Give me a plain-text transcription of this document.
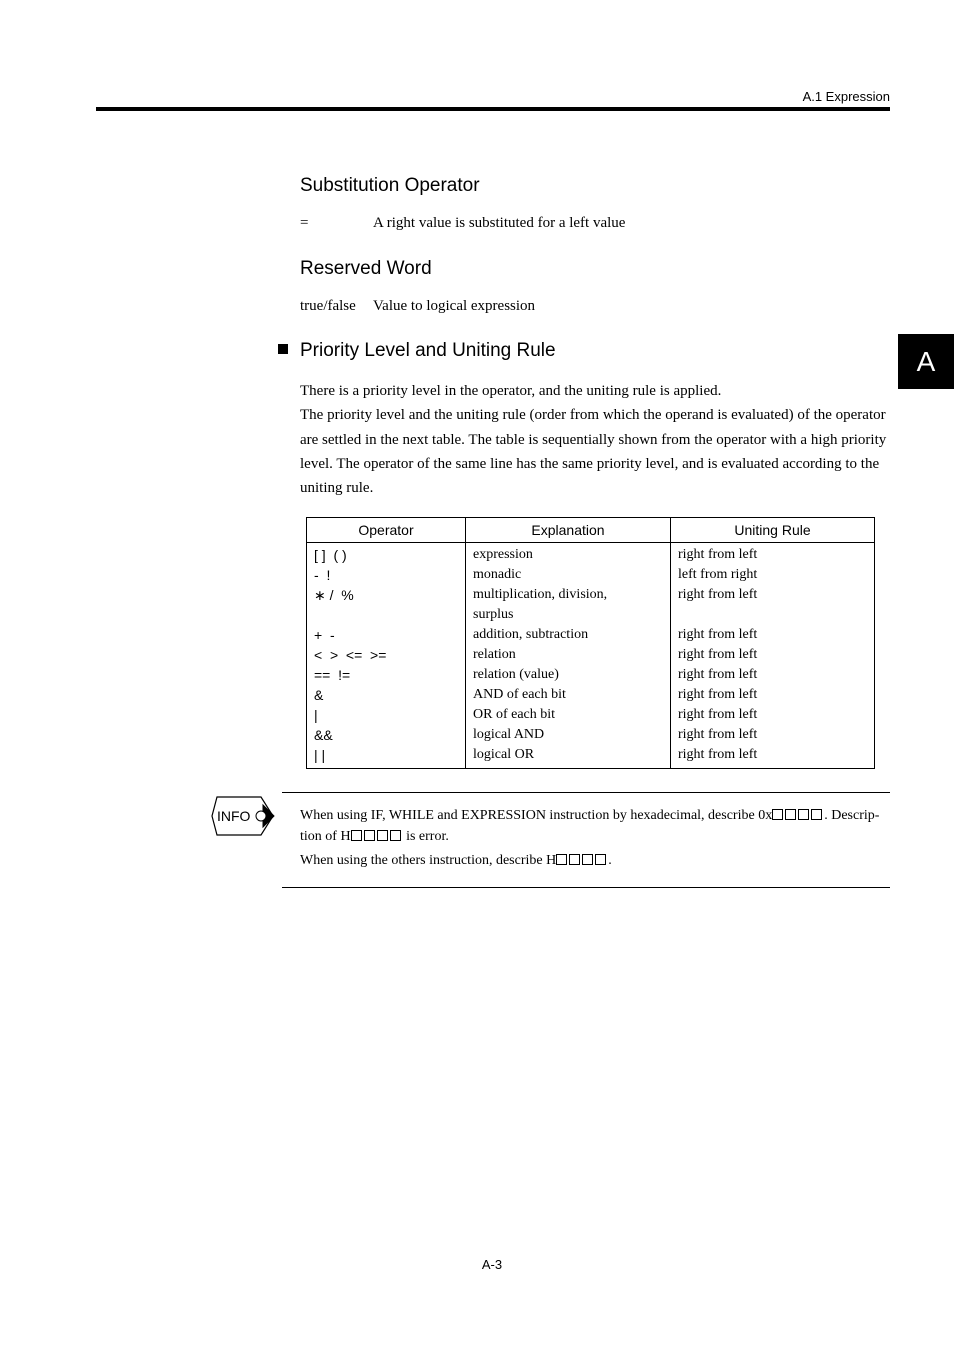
A.1 Expression
A
Substitution Operator
=	A right value is substituted for a left value
Reserved Word
true/false Value to logical expression
Priority Level and Uniting Rule

There is a priority level in the operator, and the uniting rule is applied.

The priority level and the uniting rule (order from which the operand is evaluated) of the operator are settled in the next table. The table is sequentially shown from the operator with a high priority level. The operator of the same line has the same priority level, and is evaluated according to the uniting rule.

Operator	Explanation	Uniting Rule
[ ]  ( )	expression	right from left
-  !	monadic	left from right
∗ /  %	multiplication, division,	right from left
	surplus	
+  -	addition, subtraction	right from left
<  >  <=  >=	relation	right from left
==  !=	relation (value)	right from left
&	AND of each bit	right from left
|	OR of each bit	right from left
&&	logical AND	right from left
| |	logical OR	right from left
INFO	When using IF, WHILE and EXPRESSION instruction by hexadecimal, describe 0x	. Description of H	is error.

When using the others instruction, describe H	.

A-3
